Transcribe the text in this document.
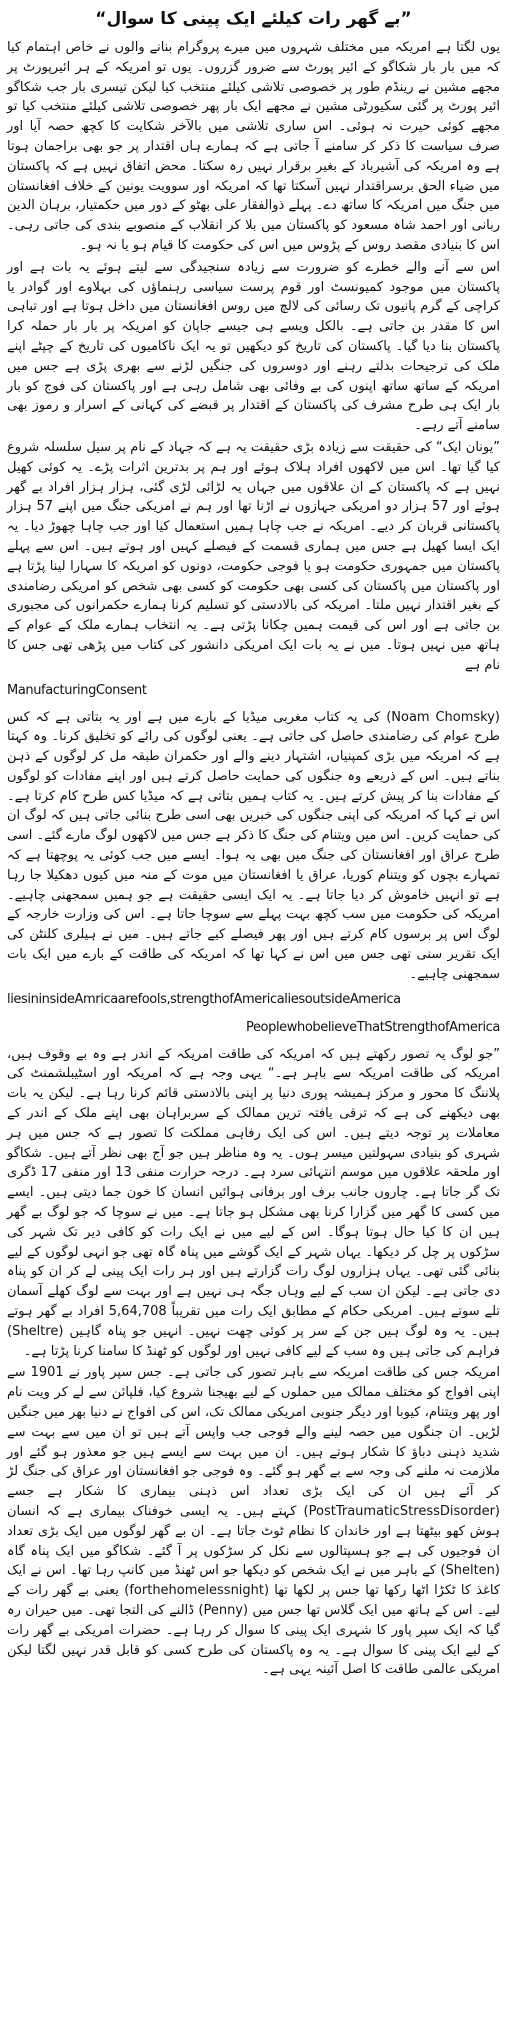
”بے گھر رات کیلئے ایک پینی کا سوال“

یوں لگتا ہے امریکہ میں مختلف شہروں میں میرے پروگرام بنانے والوں نے خاص اہتمام کیا کہ میں بار بار شکاگو کے ائیر پورٹ سے ضرور گزروں۔ یوں تو امریکہ کے ہر ائیرپورٹ پر مجھے مشین نے رینڈم طور پر خصوصی تلاشی کیلئے منتخب کیا لیکن تیسری بار جب شکاگو ائیر پورٹ پر گئی سکیورٹی مشین نے مجھے ایک بار پھر خصوصی تلاشی کیلئے منتخب کیا تو مجھے کوئی حیرت نہ ہوئی۔ اس ساری تلاشی میں بالآخر شکایت کا کچھ حصہ آیا اور صرف سیاست کا ذکر کر سامنے آ جاتی ہے کہ ہمارے ہاں اقتدار پر جو بھی براجمان ہوتا ہے وہ امریکہ کی آشیرباد کے بغیر برقرار نہیں رہ سکتا۔ محض اتفاق نہیں ہے کہ پاکستان میں ضیاء الحق برسراقتدار نہیں آسکتا تھا کہ امریکہ اور سوویت یونین کے خلاف افغانستان میں جنگ میں امریکہ کا ساتھ دے۔ پہلے ذوالفقار علی بھٹو کے دور میں حکمتیار، برہان الدین ربانی اور احمد شاہ مسعود کو پاکستان میں بلا کر انقلاب کے منصوبے بندی کی جاتی رہی۔ اس کا بنیادی مقصد روس کے پڑوس میں اس کی حکومت کا قیام ہو یا نہ ہو۔

اس سے آنے والے خطرے کو ضرورت سے زیادہ سنجیدگی سے لیتے ہوئے یہ بات ہے اور پاکستان میں موجود کمیونسٹ اور قوم پرست سیاسی رہنماؤں کی بہلاوے اور گوادر یا کراچی کے گرم پانیوں تک رسائی کی لالچ میں روس افغانستان میں داخل ہوتا ہے اور تباہی اس کا مقدر بن جاتی ہے۔ بالکل ویسے ہی جیسے جاپان کو امریکہ پر بار بار حملہ کرا پاکستان بنا دیا گیا۔ پاکستان کی تاریخ کو دیکھیں تو یہ ایک ناکامیوں کی تاریخ کے چپٹے اپنے ملک کی ترجیحات بدلتے رہنے اور دوسروں کی جنگیں لڑنے سے بھری پڑی ہے جس میں امریکہ کے ساتھ ساتھ اپنوں کی بے وفائی بھی شامل رہی ہے اور پاکستان کی فوج کو بار بار ایک ہی طرح مشرف کی پاکستان کے اقتدار پر قبضے کی کہانی کے اسرار و رموز بھی سامنے آتے رہے۔

”یونان ایک“ کی حقیقت سے زیادہ بڑی حقیقت یہ ہے کہ جہاد کے نام پر سیل سلسلہ شروع کیا گیا تھا۔ اس میں لاکھوں افراد ہلاک ہوئے اور ہم پر بدترین اثرات پڑے۔ یہ کوئی کھیل نہیں ہے کہ پاکستان کے ان علاقوں میں جہاں یہ لڑائی لڑی گئی، ہزار ہزار افراد بے گھر ہوئے اور 57 ہزار دو امریکی جہازوں نے اڑنا تھا اور ہم نے امریکی جنگ میں اپنے 57 ہزار پاکستانی قربان کر دیے۔ امریکہ نے جب چاہا ہمیں استعمال کیا اور جب چاہا چھوڑ دیا۔ یہ ایک ایسا کھیل ہے جس میں ہماری قسمت کے فیصلے کہیں اور ہوتے ہیں۔ اس سے پہلے پاکستان میں جمہوری حکومت ہو یا فوجی حکومت، دونوں کو امریکہ کا سہارا لینا پڑتا ہے اور پاکستان میں پاکستان کی کسی بھی حکومت کو کسی بھی شخص کو امریکی رضامندی کے بغیر اقتدار نہیں ملتا۔ امریکہ کی بالادستی کو تسلیم کرنا ہمارے حکمرانوں کی مجبوری بن جاتی ہے اور اس کی قیمت ہمیں چکانا پڑتی ہے۔ یہ انتخاب ہمارے ملک کے عوام کے ہاتھ میں نہیں ہوتا۔ میں نے یہ بات ایک امریکی دانشور کی کتاب میں پڑھی تھی جس کا نام ہے

ManufacturingConsent

(Noam Chomsky) کی یہ کتاب مغربی میڈیا کے بارے میں ہے اور یہ بتاتی ہے کہ کس طرح عوام کی رضامندی حاصل کی جاتی ہے۔ یعنی لوگوں کی رائے کو تخلیق کرنا۔ وہ کہتا ہے کہ امریکہ میں بڑی کمپنیاں، اشتہار دینے والے اور حکمران طبقہ مل کر لوگوں کے ذہن بناتے ہیں۔ اس کے ذریعے وہ جنگوں کی حمایت حاصل کرتے ہیں اور اپنے مفادات کو لوگوں کے مفادات بنا کر پیش کرتے ہیں۔ یہ کتاب ہمیں بتاتی ہے کہ میڈیا کس طرح کام کرتا ہے۔ اس نے کہا کہ امریکہ کی اپنی جنگوں کی خبریں بھی اسی طرح بنائی جاتی ہیں کہ لوگ ان کی حمایت کریں۔ اس میں ویتنام کی جنگ کا ذکر ہے جس میں لاکھوں لوگ مارے گئے۔ اسی طرح عراق اور افغانستان کی جنگ میں بھی یہ ہوا۔ ایسے میں جب کوئی یہ پوچھتا ہے کہ تمہارے بچوں کو ویتنام کوریا، عراق یا افغانستان میں موت کے منہ میں کیوں دھکیلا جا رہا ہے تو انہیں خاموش کر دیا جاتا ہے۔ یہ ایک ایسی حقیقت ہے جو ہمیں سمجھنی چاہیے۔ امریکہ کی حکومت میں سب کچھ بہت پہلے سے سوچا جاتا ہے۔ اس کی وزارت خارجہ کے لوگ اس پر برسوں کام کرتے ہیں اور پھر فیصلے کیے جاتے ہیں۔ میں نے ہیلری کلنٹن کی ایک تقریر سنی تھی جس میں اس نے کہا تھا کہ امریکہ کی طاقت کے بارے میں ایک بات سمجھنی چاہیے۔

liesininsideAmricaarefools,strengthofAmericaliesoutsideAmerica
PeoplewhobelieveThatStrengthofAmerica

”جو لوگ یہ تصور رکھتے ہیں کہ امریکہ کی طاقت امریکہ کے اندر ہے وہ بے وقوف ہیں، امریکہ کی طاقت امریکہ سے باہر ہے۔“ یہی وجہ ہے کہ امریکہ اور اسٹیبلشمنٹ کی پلاننگ کا محور و مرکز ہمیشہ پوری دنیا پر اپنی بالادستی قائم کرنا رہا ہے۔ لیکن یہ بات بھی دیکھنے کی ہے کہ ترقی یافتہ ترین ممالک کے سربراہان بھی اپنے ملک کے اندر کے معاملات پر توجہ دیتے ہیں۔ اس کی ایک رفاہی مملکت کا تصور ہے کہ جس میں ہر شہری کو بنیادی سہولتیں میسر ہوں۔ یہ وہ مناظر ہیں جو آج بھی نظر آتے ہیں۔ شکاگو اور ملحقہ علاقوں میں موسم انتہائی سرد ہے۔ درجہ حرارت منفی 13 اور منفی 17 ڈگری تک گر جاتا ہے۔ چاروں جانب برف اور برفانی ہوائیں انسان کا خون جما دیتی ہیں۔ ایسے میں کسی کا گھر میں گزارا کرنا بھی مشکل ہو جاتا ہے۔ میں نے سوچا کہ جو لوگ بے گھر ہیں ان کا کیا حال ہوتا ہوگا۔ اس کے لیے میں نے ایک رات کو کافی دیر تک شہر کی سڑکوں پر چل کر دیکھا۔ یہاں شہر کے ایک گوشے میں پناہ گاہ تھی جو انہی لوگوں کے لیے بنائی گئی تھی۔ یہاں ہزاروں لوگ رات گزارتے ہیں اور ہر رات ایک پینی لے کر ان کو پناہ دی جاتی ہے۔ لیکن ان سب کے لیے وہاں جگہ ہی نہیں ہے اور بہت سے لوگ کھلے آسمان تلے سوتے ہیں۔ امریکی حکام کے مطابق ایک رات میں تقریباً 5,64,708 افراد بے گھر ہوتے ہیں۔ یہ وہ لوگ ہیں جن کے سر پر کوئی چھت نہیں۔ انہیں جو پناہ گاہیں (Sheltre) فراہم کی جاتی ہیں وہ سب کے لیے کافی نہیں اور لوگوں کو ٹھنڈ کا سامنا کرنا پڑتا ہے۔

امریکہ جس کی طاقت امریکہ سے باہر تصور کی جاتی ہے۔ جس سپر پاور نے 1901 سے اپنی افواج کو مختلف ممالک میں حملوں کے لیے بھیجنا شروع کیا، فلپائن سے لے کر ویت نام اور پھر ویتنام، کیوبا اور دیگر جنوبی امریکی ممالک تک، اس کی افواج نے دنیا بھر میں جنگیں لڑیں۔ ان جنگوں میں حصہ لینے والے فوجی جب واپس آتے ہیں تو ان میں سے بہت سے شدید ذہنی دباؤ کا شکار ہوتے ہیں۔ ان میں بہت سے ایسے ہیں جو معذور ہو گئے اور ملازمت نہ ملنے کی وجہ سے بے گھر ہو گئے۔ وہ فوجی جو افغانستان اور عراق کی جنگ لڑ کر آئے ہیں ان کی ایک بڑی تعداد اس ذہنی بیماری کا شکار ہے جسے (PostTraumaticStressDisorder) کہتے ہیں۔ یہ ایسی خوفناک بیماری ہے کہ انسان ہوش کھو بیٹھتا ہے اور خاندان کا نظام ٹوٹ جاتا ہے۔ ان بے گھر لوگوں میں ایک بڑی تعداد ان فوجیوں کی ہے جو ہسپتالوں سے نکل کر سڑکوں پر آ گئے۔ شکاگو میں ایک پناہ گاہ (Shelten) کے باہر میں نے ایک شخص کو دیکھا جو اس ٹھنڈ میں کانپ رہا تھا۔ اس نے ایک کاغذ کا ٹکڑا اٹھا رکھا تھا جس پر لکھا تھا (forthehomelessnight) یعنی بے گھر رات کے لیے۔ اس کے ہاتھ میں ایک گلاس تھا جس میں (Penny) ڈالنے کی التجا تھی۔ میں حیران رہ گیا کہ ایک سپر پاور کا شہری ایک پینی کا سوال کر رہا ہے۔ حضرات امریکی بے گھر رات کے لیے ایک پینی کا سوال ہے۔ یہ وہ پاکستان کی طرح کسی کو قابل قدر نہیں لگتا لیکن امریکی عالمی طاقت کا اصل آئینہ یہی ہے۔
